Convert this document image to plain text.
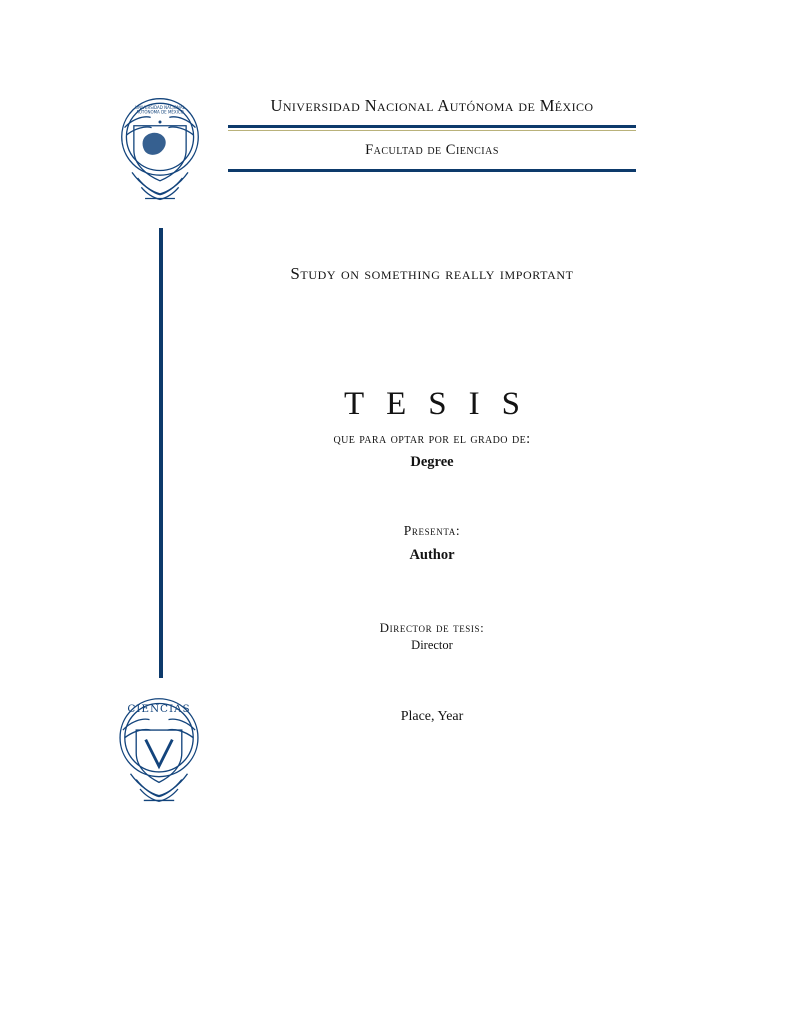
UNIVERSIDAD NACIONAL
AUTÓNOMA DE MÉXICO	Universidad Nacional Autónoma de México
Facultad de Ciencias
Study on something really important
TESIS
que para optar por el grado de:
Degree
Presenta:
Author
Director de tesis:
Director
Place, Year
CIENCIAS
